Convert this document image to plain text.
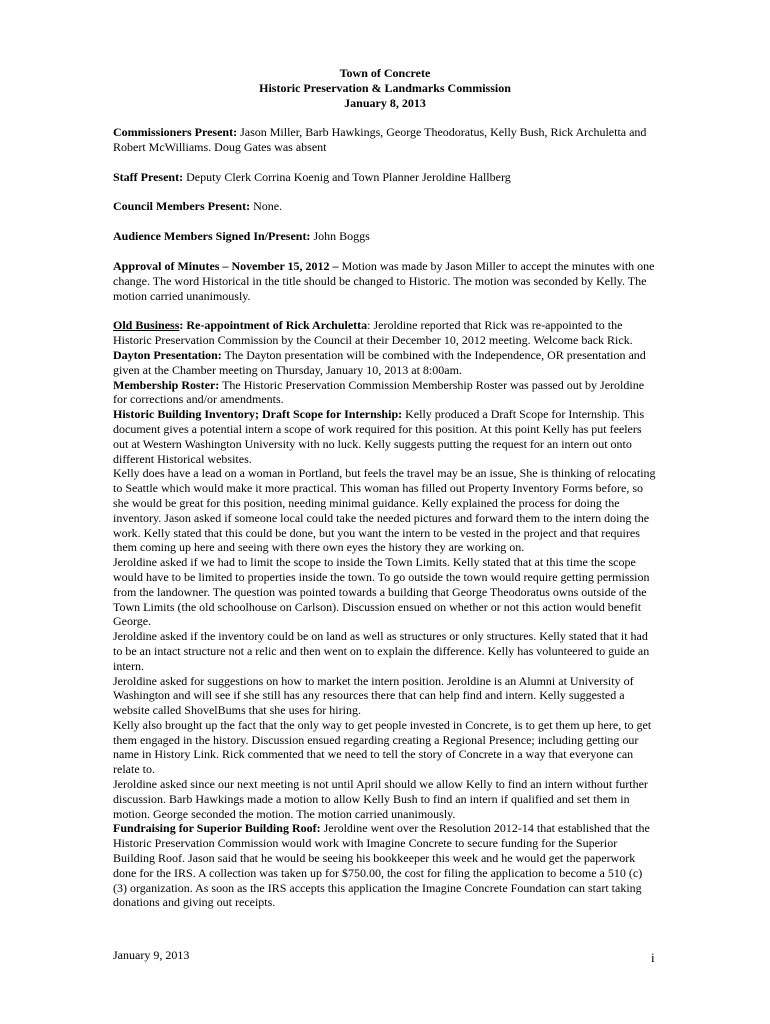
Town of Concrete
Historic Preservation & Landmarks Commission
January 8, 2013

Commissioners Present: Jason Miller, Barb Hawkings, George Theodoratus, Kelly Bush, Rick Archuletta and Robert McWilliams. Doug Gates was absent

Staff Present: Deputy Clerk Corrina Koenig and Town Planner Jeroldine Hallberg

Council Members Present: None.

Audience Members Signed In/Present: John Boggs

Approval of Minutes – November 15, 2012 – Motion was made by Jason Miller to accept the minutes with one change. The word Historical in the title should be changed to Historic. The motion was seconded by Kelly. The motion carried unanimously.

Old Business: Re-appointment of Rick Archuletta: Jeroldine reported that Rick was re-appointed to the Historic Preservation Commission by the Council at their December 10, 2012 meeting. Welcome back Rick.

Dayton Presentation: The Dayton presentation will be combined with the Independence, OR presentation and given at the Chamber meeting on Thursday, January 10, 2013 at 8:00am.

Membership Roster: The Historic Preservation Commission Membership Roster was passed out by Jeroldine for corrections and/or amendments.

Historic Building Inventory; Draft Scope for Internship: Kelly produced a Draft Scope for Internship. This document gives a potential intern a scope of work required for this position. At this point Kelly has put feelers out at Western Washington University with no luck. Kelly suggests putting the request for an intern out onto different Historical websites.

Kelly does have a lead on a woman in Portland, but feels the travel may be an issue, She is thinking of relocating to Seattle which would make it more practical. This woman has filled out Property Inventory Forms before, so she would be great for this position, needing minimal guidance. Kelly explained the process for doing the inventory. Jason asked if someone local could take the needed pictures and forward them to the intern doing the work. Kelly stated that this could be done, but you want the intern to be vested in the project and that requires them coming up here and seeing with there own eyes the history they are working on.

Jeroldine asked if we had to limit the scope to inside the Town Limits. Kelly stated that at this time the scope would have to be limited to properties inside the town. To go outside the town would require getting permission from the landowner. The question was pointed towards a building that George Theodoratus owns outside of the Town Limits (the old schoolhouse on Carlson). Discussion ensued on whether or not this action would benefit George.

Jeroldine asked if the inventory could be on land as well as structures or only structures. Kelly stated that it had to be an intact structure not a relic and then went on to explain the difference. Kelly has volunteered to guide an intern.

Jeroldine asked for suggestions on how to market the intern position. Jeroldine is an Alumni at University of Washington and will see if she still has any resources there that can help find and intern. Kelly suggested a website called ShovelBums that she uses for hiring.

Kelly also brought up the fact that the only way to get people invested in Concrete, is to get them up here, to get them engaged in the history. Discussion ensued regarding creating a Regional Presence; including getting our name in History Link. Rick commented that we need to tell the story of Concrete in a way that everyone can relate to.

Jeroldine asked since our next meeting is not until April should we allow Kelly to find an intern without further discussion. Barb Hawkings made a motion to allow Kelly Bush to find an intern if qualified and set them in motion. George seconded the motion. The motion carried unanimously.

Fundraising for Superior Building Roof: Jeroldine went over the Resolution 2012-14 that established that the Historic Preservation Commission would work with Imagine Concrete to secure funding for the Superior Building Roof. Jason said that he would be seeing his bookkeeper this week and he would get the paperwork done for the IRS. A collection was taken up for $750.00, the cost for filing the application to become a 510 (c) (3) organization. As soon as the IRS accepts this application the Imagine Concrete Foundation can start taking donations and giving out receipts.

January 9, 2013	i
